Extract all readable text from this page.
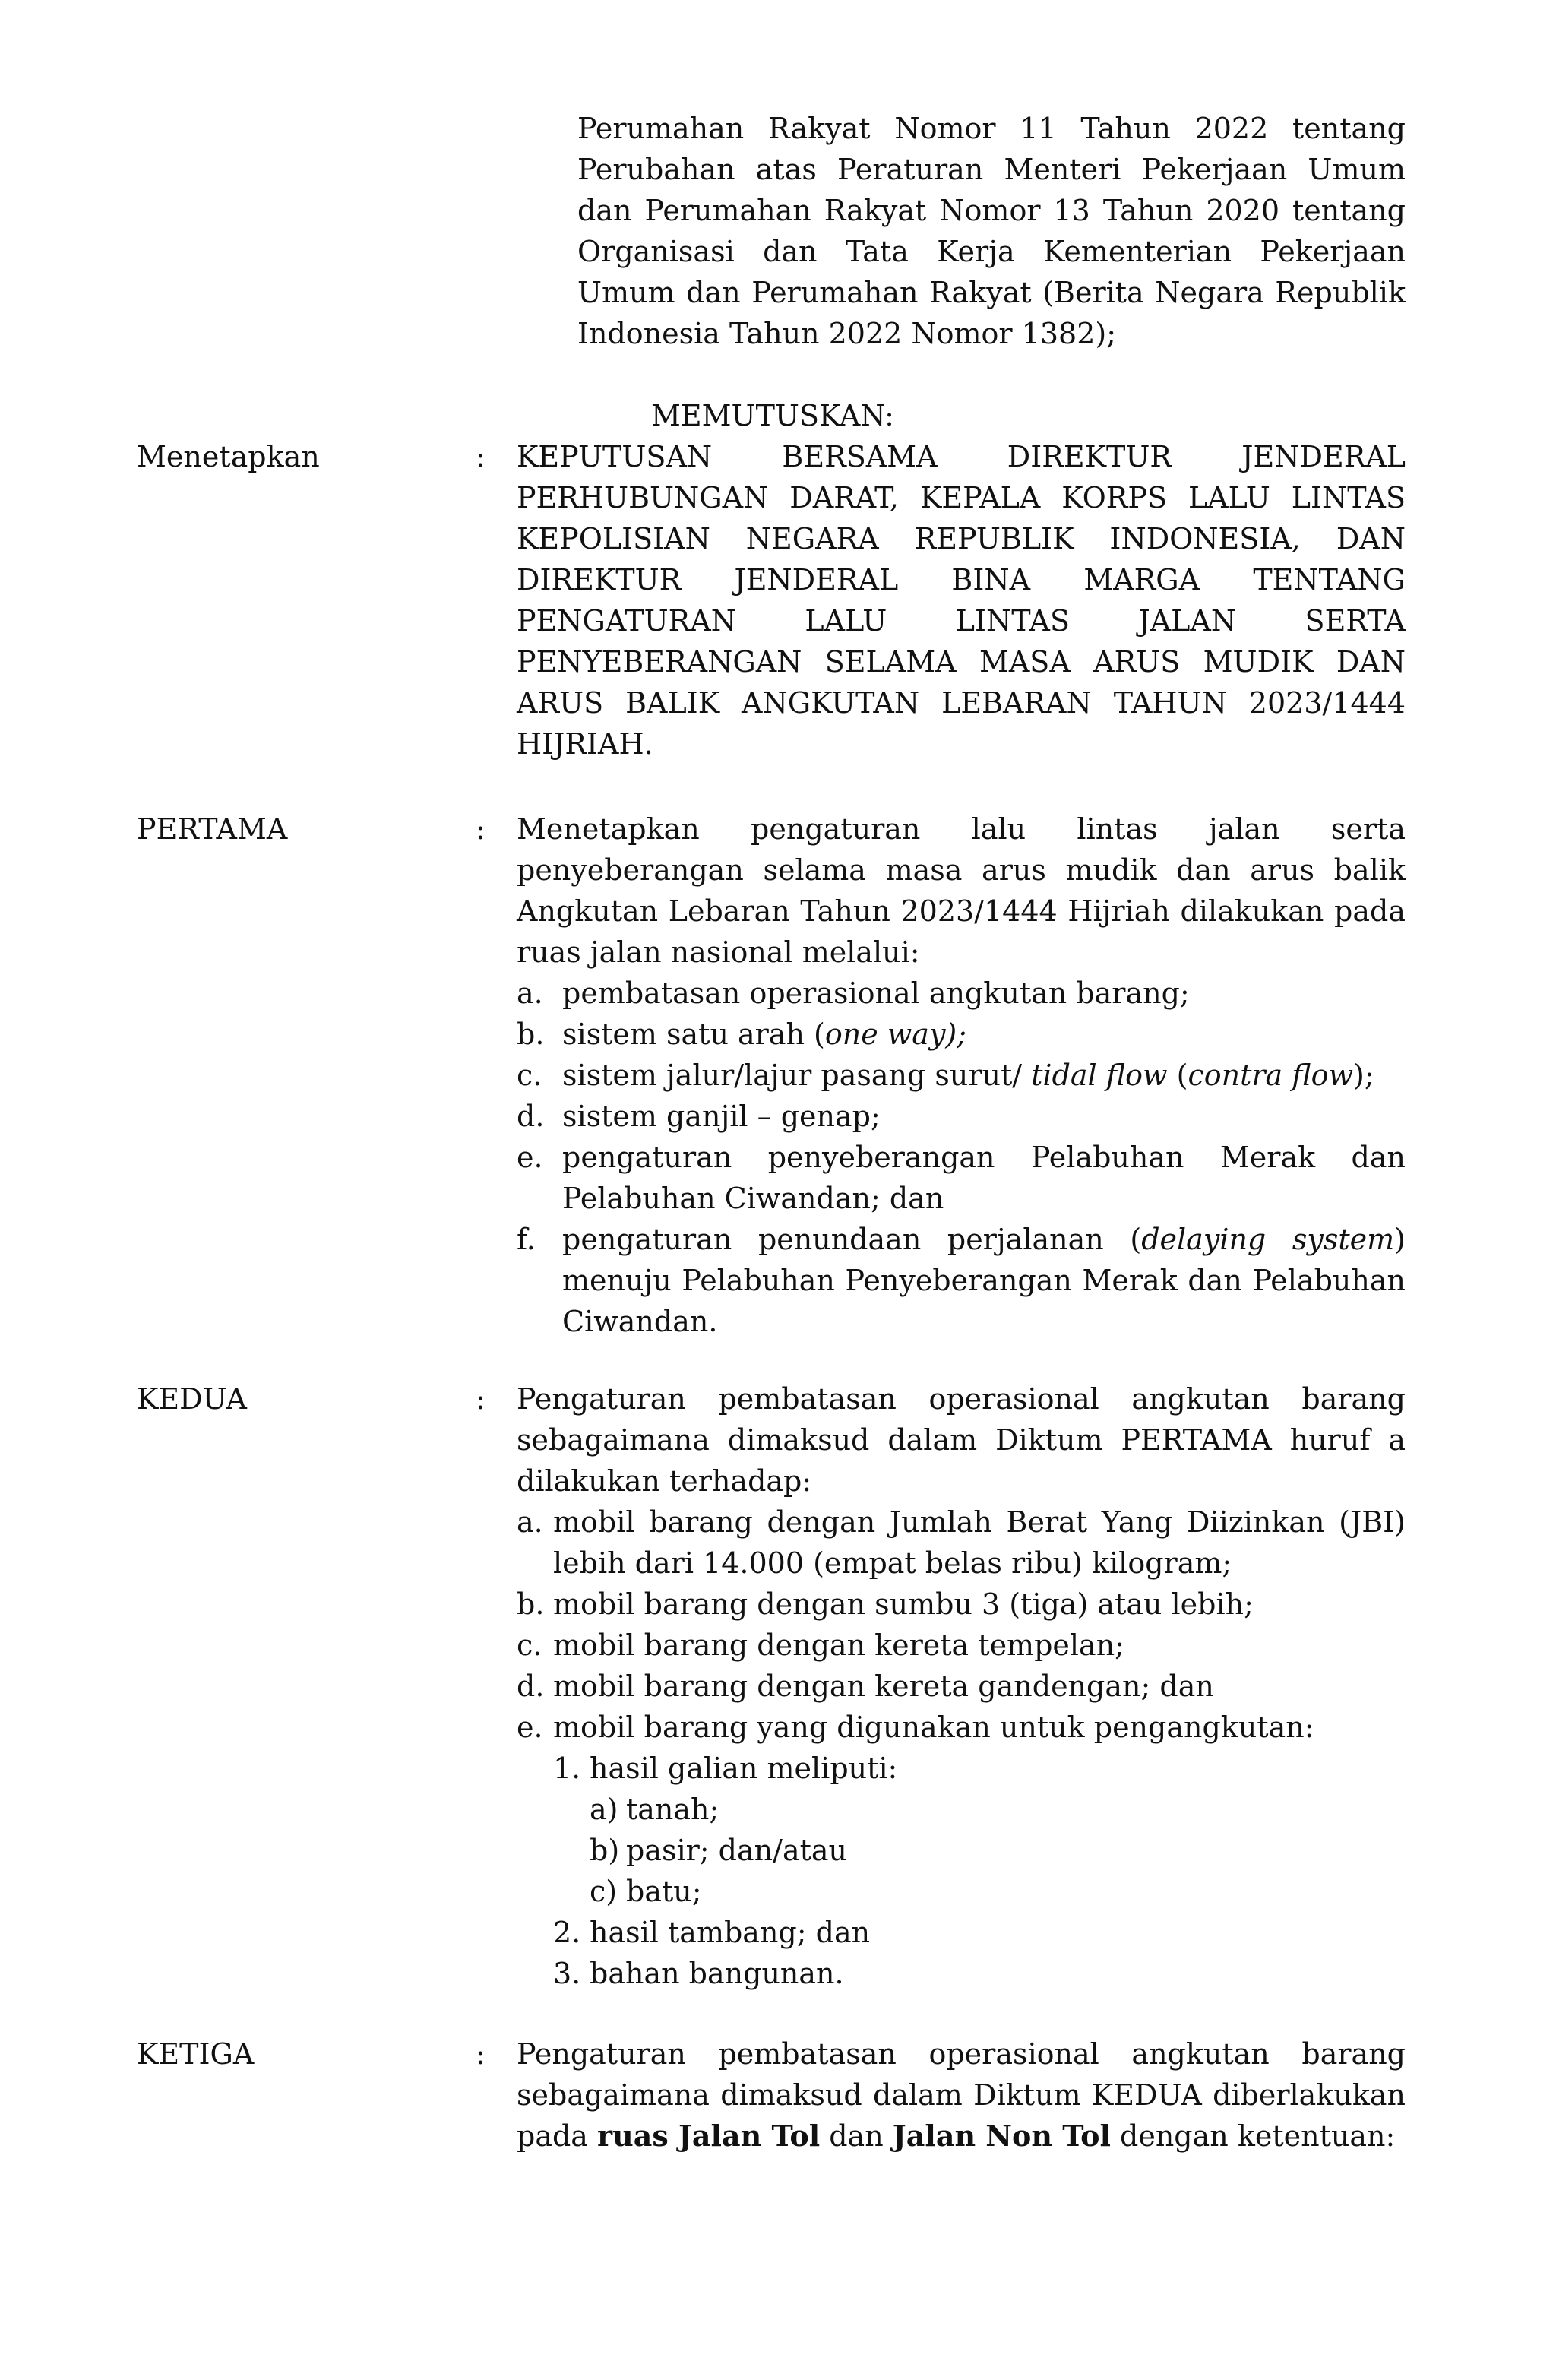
Perumahan Rakyat Nomor 11 Tahun 2022 tentang Perubahan atas Peraturan Menteri Pekerjaan Umum dan Perumahan Rakyat Nomor 13 Tahun 2020 tentang Organisasi dan Tata Kerja Kementerian Pekerjaan Umum dan Perumahan Rakyat (Berita Negara Republik Indonesia Tahun 2022 Nomor 1382);
MEMUTUSKAN:
Menetapkan	: KEPUTUSAN BERSAMA DIREKTUR JENDERAL PERHUBUNGAN DARAT, KEPALA KORPS LALU LINTAS KEPOLISIAN NEGARA REPUBLIK INDONESIA, DAN DIREKTUR JENDERAL BINA MARGA TENTANG PENGATURAN LALU LINTAS JALAN SERTA PENYEBERANGAN SELAMA MASA ARUS MUDIK DAN ARUS BALIK ANGKUTAN LEBARAN TAHUN 2023/1444 HIJRIAH.
PERTAMA	: Menetapkan pengaturan lalu lintas jalan serta penyeberangan selama masa arus mudik dan arus balik Angkutan Lebaran Tahun 2023/1444 Hijriah dilakukan pada ruas jalan nasional melalui:

a. pembatasan operasional angkutan barang;
b. sistem satu arah (one way);
c. sistem jalur/lajur pasang surut/ tidal flow (contra flow);
d. sistem ganjil – genap;
e. pengaturan penyeberangan Pelabuhan Merak dan Pelabuhan Ciwandan; dan
f. pengaturan penundaan perjalanan (delaying system) menuju Pelabuhan Penyeberangan Merak dan Pelabuhan Ciwandan.
KEDUA	: Pengaturan pembatasan operasional angkutan barang sebagaimana dimaksud dalam Diktum PERTAMA huruf a dilakukan terhadap:

a. mobil barang dengan Jumlah Berat Yang Diizinkan (JBI) lebih dari 14.000 (empat belas ribu) kilogram;
b. mobil barang dengan sumbu 3 (tiga) atau lebih;
c. mobil barang dengan kereta tempelan;
d. mobil barang dengan kereta gandengan; dan
e. mobil barang yang digunakan untuk pengangkutan:
1. hasil galian meliputi:
a) tanah;
b) pasir; dan/atau
c) batu;
2. hasil tambang; dan
3. bahan bangunan.
KETIGA	: Pengaturan pembatasan operasional angkutan barang sebagaimana dimaksud dalam Diktum KEDUA diberlakukan pada ruas Jalan Tol dan Jalan Non Tol dengan ketentuan:
